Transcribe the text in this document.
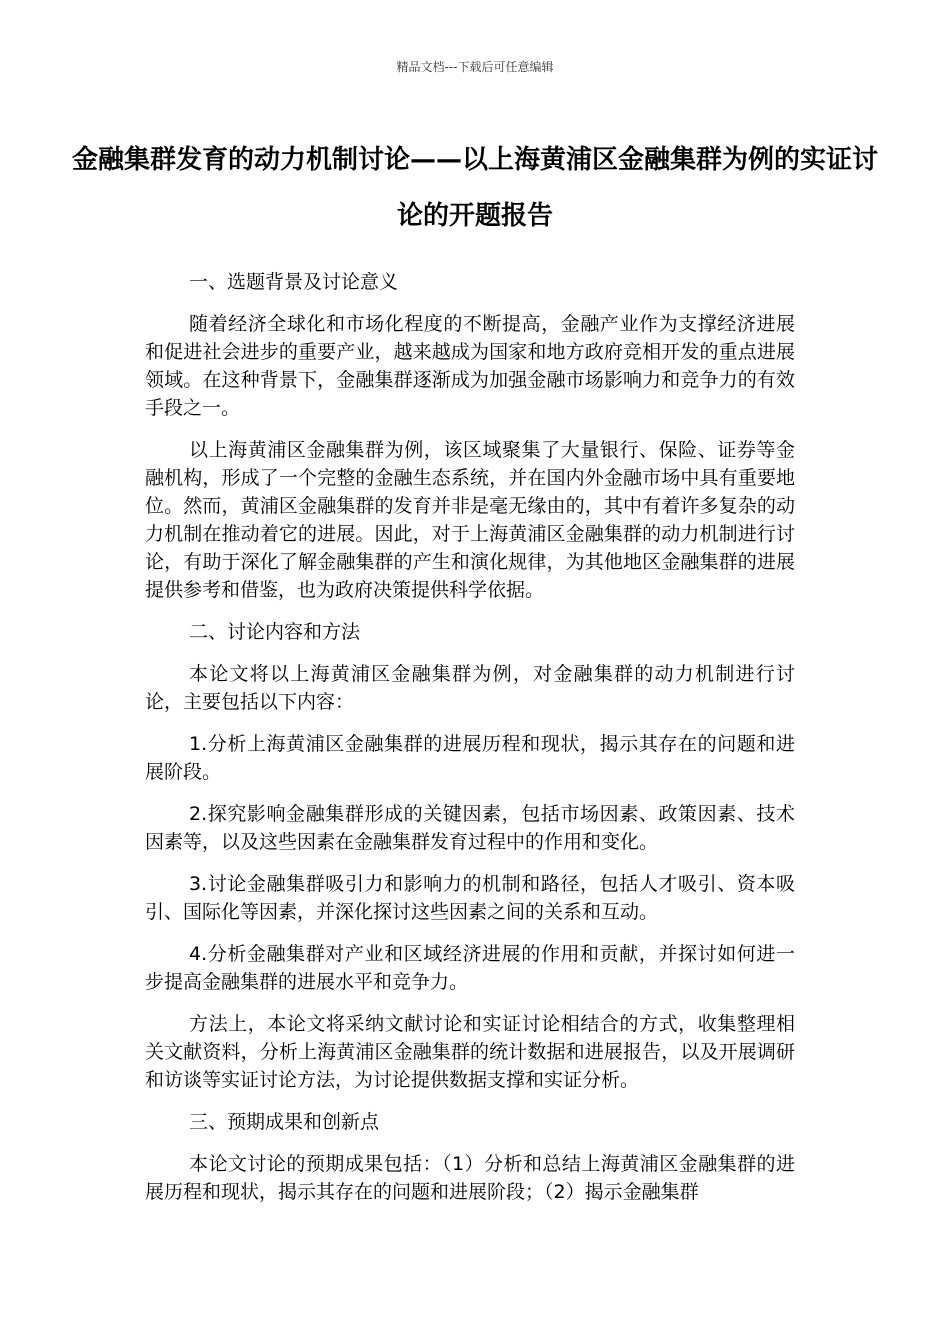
精品文档---下载后可任意编辑
金融集群发育的动力机制讨论——以上海黄浦区金融集群为例的实证讨论的开题报告

一、选题背景及讨论意义

随着经济全球化和市场化程度的不断提高，金融产业作为支撑经济进展和促进社会进步的重要产业，越来越成为国家和地方政府竞相开发的重点进展领域。在这种背景下，金融集群逐渐成为加强金融市场影响力和竞争力的有效手段之一。

以上海黄浦区金融集群为例，该区域聚集了大量银行、保险、证券等金融机构，形成了一个完整的金融生态系统，并在国内外金融市场中具有重要地位。然而，黄浦区金融集群的发育并非是毫无缘由的，其中有着许多复杂的动力机制在推动着它的进展。因此，对于上海黄浦区金融集群的动力机制进行讨论，有助于深化了解金融集群的产生和演化规律，为其他地区金融集群的进展提供参考和借鉴，也为政府决策提供科学依据。

二、讨论内容和方法

本论文将以上海黄浦区金融集群为例，对金融集群的动力机制进行讨论，主要包括以下内容：

1.分析上海黄浦区金融集群的进展历程和现状，揭示其存在的问题和进展阶段。

2.探究影响金融集群形成的关键因素，包括市场因素、政策因素、技术因素等，以及这些因素在金融集群发育过程中的作用和变化。

3.讨论金融集群吸引力和影响力的机制和路径，包括人才吸引、资本吸引、国际化等因素，并深化探讨这些因素之间的关系和互动。

4.分析金融集群对产业和区域经济进展的作用和贡献，并探讨如何进一步提高金融集群的进展水平和竞争力。

方法上，本论文将采纳文献讨论和实证讨论相结合的方式，收集整理相关文献资料，分析上海黄浦区金融集群的统计数据和进展报告，以及开展调研和访谈等实证讨论方法，为讨论提供数据支撑和实证分析。

三、预期成果和创新点

本论文讨论的预期成果包括：（1）分析和总结上海黄浦区金融集群的进展历程和现状，揭示其存在的问题和进展阶段；（2）揭示金融集群
